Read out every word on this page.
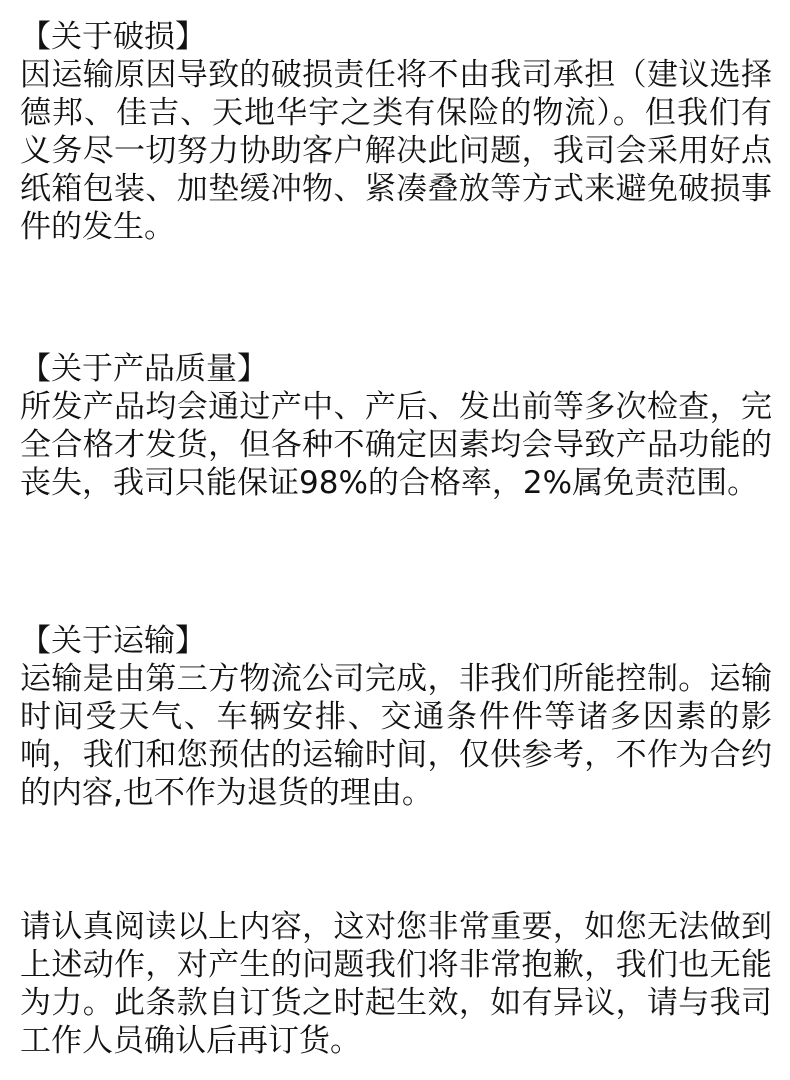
【关于破损】

因运输原因导致的破损责任将不由我司承担（建议选择德邦、佳吉、天地华宇之类有保险的物流）。但我们有义务尽一切努力协助客户解决此问题，我司会采用好点纸箱包装、加垫缓冲物、紧凑叠放等方式来避免破损事件的发生。

【关于产品质量】

所发产品均会通过产中、产后、发出前等多次检查，完全合格才发货，但各种不确定因素均会导致产品功能的丧失，我司只能保证98%的合格率，2%属免责范围。

【关于运输】

运输是由第三方物流公司完成，非我们所能控制。运输时间受天气、车辆安排、交通条件件等诸多因素的影响，我们和您预估的运输时间，仅供参考，不作为合约的内容,也不作为退货的理由。

请认真阅读以上内容，这对您非常重要，如您无法做到上述动作，对产生的问题我们将非常抱歉，我们也无能为力。此条款自订货之时起生效，如有异议，请与我司工作人员确认后再订货。
